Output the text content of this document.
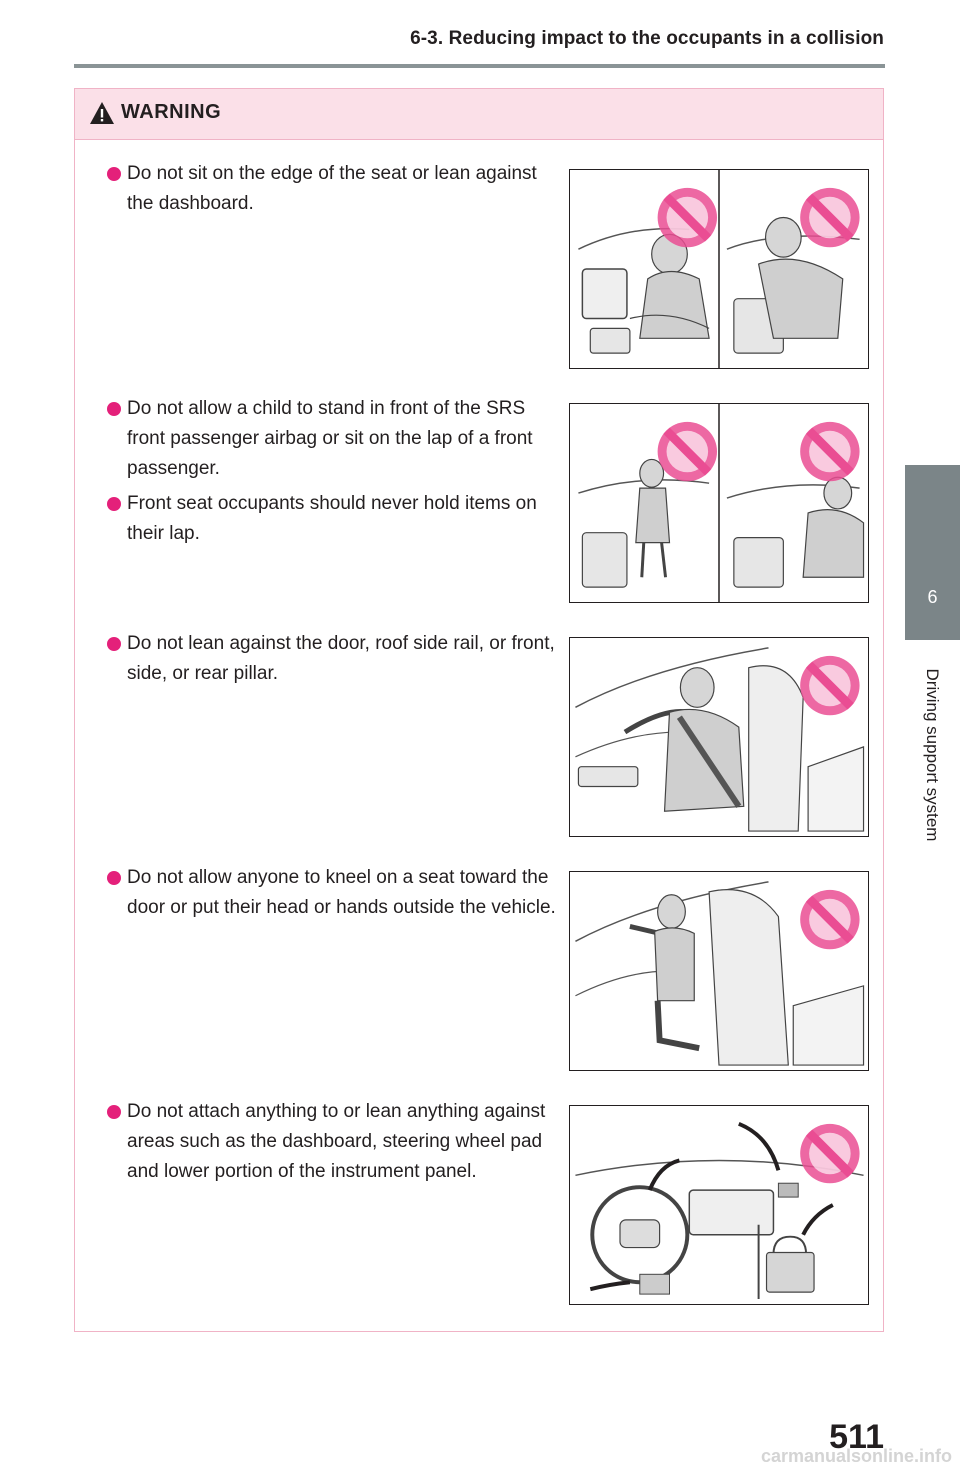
6-3. Reducing impact to the occupants in a collision
6
Driving support system
WARNING
Do not sit on the edge of the seat or lean against the dashboard.
Do not allow a child to stand in front of the SRS front passenger airbag or sit on the lap of a front passenger.
Front seat occupants should never hold items on their lap.
Do not lean against the door, roof side rail, or front, side, or rear pillar.
Do not allow anyone to kneel on a seat toward the door or put their head or hands outside the vehicle.
Do not attach anything to or lean anything against areas such as the dashboard, steering wheel pad and lower portion of the instrument panel.
511
carmanualsonline.info
